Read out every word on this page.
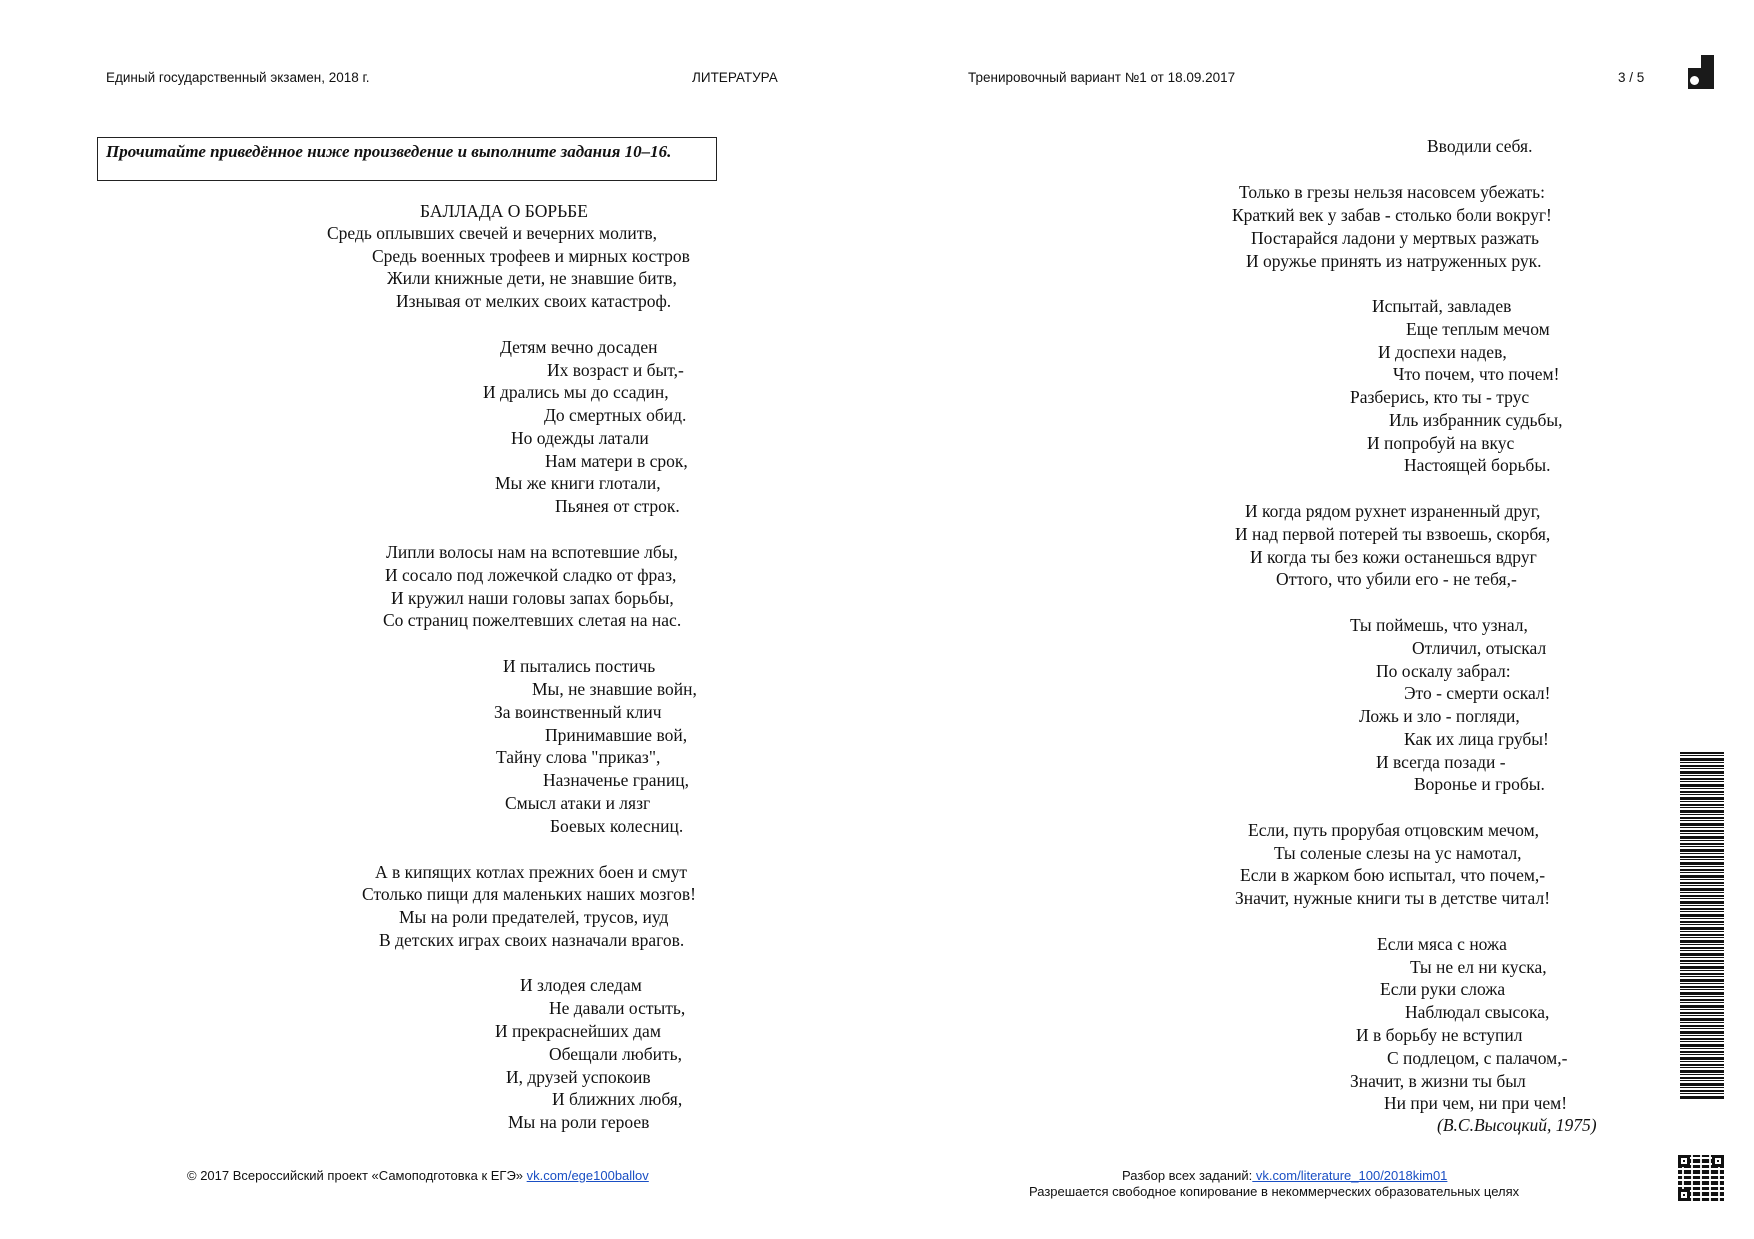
Единый государственный экзамен, 2018 г.	ЛИТЕРАТУРА	Тренировочный вариант №1 от 18.09.2017	3 / 5
Прочитайте приведённое ниже произведение и выполните задания 10–16.
БАЛЛАДА О БОРЬБЕ
Средь оплывших свечей и вечерних молитв,
Средь военных трофеев и мирных костров
Жили книжные дети, не знавшие битв,
Изнывая от мелких своих катастроф.
Детям вечно досаден
Их возраст и быт,-
И дрались мы до ссадин,
До смертных обид.
Но одежды латали
Нам матери в срок,
Мы же книги глотали,
Пьянея от строк.
Липли волосы нам на вспотевшие лбы,
И сосало под ложечкой сладко от фраз,
И кружил наши головы запах борьбы,
Со страниц пожелтевших слетая на нас.
И пытались постичь
Мы, не знавшие войн,
За воинственный клич
Принимавшие вой,
Тайну слова "приказ",
Назначенье границ,
Смысл атаки и лязг
Боевых колесниц.
А в кипящих котлах прежних боен и смут
Столько пищи для маленьких наших мозгов!
Мы на роли предателей, трусов, иуд
В детских играх своих назначали врагов.
И злодея следам
Не давали остыть,
И прекраснейших дам
Обещали любить,
И, друзей успокоив
И ближних любя,
Мы на роли героев
Вводили себя.
Только в грезы нельзя насовсем убежать:
Краткий век у забав - столько боли вокруг!
Постарайся ладони у мертвых разжать
И оружье принять из натруженных рук.
Испытай, завладев
Еще теплым мечом
И доспехи надев,
Что почем, что почем!
Разберись, кто ты - трус
Иль избранник судьбы,
И попробуй на вкус
Настоящей борьбы.
И когда рядом рухнет израненный друг,
И над первой потерей ты взвоешь, скорбя,
И когда ты без кожи останешься вдруг
Оттого, что убили его - не тебя,-
Ты поймешь, что узнал,
Отличил, отыскал
По оскалу забрал:
Это - смерти оскал!
Ложь и зло - погляди,
Как их лица грубы!
И всегда позади -
Воронье и гробы.
Если, путь прорубая отцовским мечом,
Ты соленые слезы на ус намотал,
Если в жарком бою испытал, что почем,-
Значит, нужные книги ты в детстве читал!
Если мяса с ножа
Ты не ел ни куска,
Если руки сложа
Наблюдал свысока,
И в борьбу не вступил
С подлецом, с палачом,-
Значит, в жизни ты был
Ни при чем, ни при чем!
(В.С.Высоцкий, 1975)
© 2017 Всероссийский проект «Самоподготовка к ЕГЭ» vk.com/ege100ballov	Разбор всех заданий: vk.com/literature_100/2018kim01
Разрешается свободное копирование в некоммерческих образовательных целях
